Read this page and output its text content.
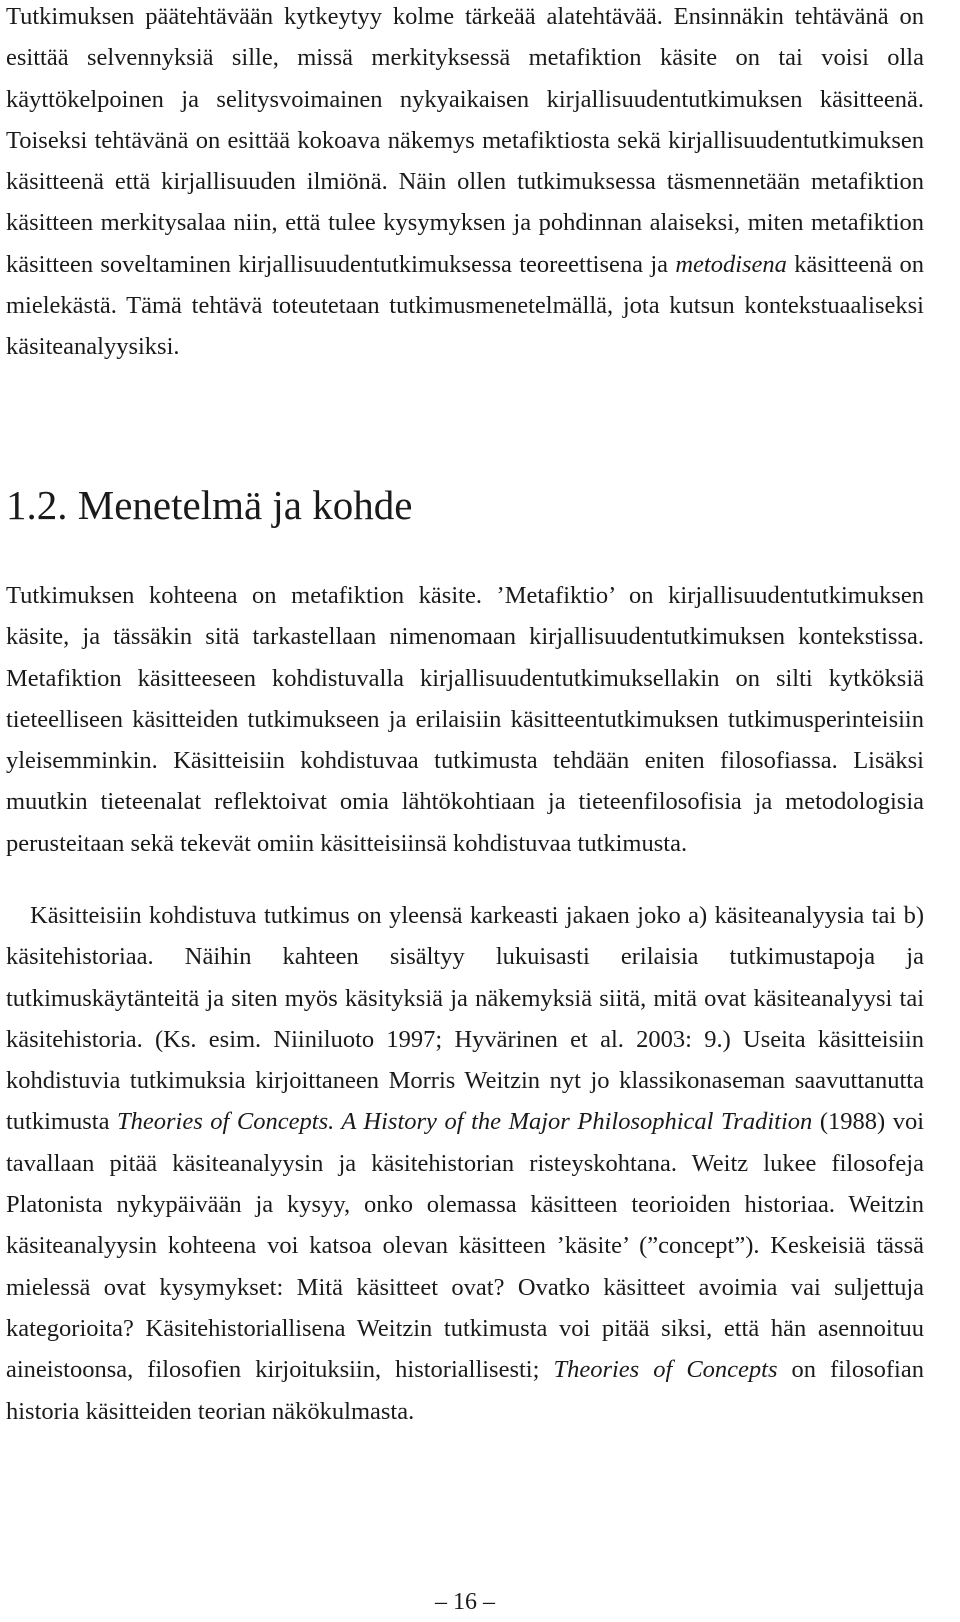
Tutkimuksen päätehtävään kytkeytyy kolme tärkeää alatehtävää. Ensinnäkin tehtävänä on esittää selvennyksiä sille, missä merkityksessä metafiktion käsite on tai voisi olla käyttökelpoinen ja selitysvoimainen nykyaikaisen kirjallisuudentutkimuksen käsitteenä. Toiseksi tehtävänä on esittää kokoava näkemys metafiktiosta sekä kirjallisuudentutkimuksen käsitteenä että kirjallisuuden ilmiönä. Näin ollen tutkimuksessa täsmennetään metafiktion käsitteen merkitysalaa niin, että tulee kysymyksen ja pohdinnan alaiseksi, miten metafiktion käsitteen soveltaminen kirjallisuudentutkimuksessa teoreettisena ja metodisena käsitteenä on mielekästä. Tämä tehtävä toteutetaan tutkimusmenetelmällä, jota kutsun kontekstuaaliseksi käsiteanalyysiksi.

1.2. Menetelmä ja kohde

Tutkimuksen kohteena on metafiktion käsite. ’Metafiktio’ on kirjallisuudentutkimuksen käsite, ja tässäkin sitä tarkastellaan nimenomaan kirjallisuudentutkimuksen kontekstissa. Metafiktion käsitteeseen kohdistuvalla kirjallisuudentutkimuksellakin on silti kytköksiä tieteelliseen käsitteiden tutkimukseen ja erilaisiin käsitteentutkimuksen tutkimusperinteisiin yleisemminkin. Käsitteisiin kohdistuvaa tutkimusta tehdään eniten filosofiassa. Lisäksi muutkin tieteenalat reflektoivat omia lähtökohtiaan ja tieteenfilosofisia ja metodologisia perusteitaan sekä tekevät omiin käsitteisiinsä kohdistuvaa tutkimusta.

Käsitteisiin kohdistuva tutkimus on yleensä karkeasti jakaen joko a) käsiteanalyysia tai b) käsitehistoriaa. Näihin kahteen sisältyy lukuisasti erilaisia tutkimustapoja ja tutkimuskäytänteitä ja siten myös käsityksiä ja näkemyksiä siitä, mitä ovat käsiteanalyysi tai käsitehistoria. (Ks. esim. Niiniluoto 1997; Hyvärinen et al. 2003: 9.) Useita käsitteisiin kohdistuvia tutkimuksia kirjoittaneen Morris Weitzin nyt jo klassikonaseman saavuttanutta tutkimusta Theories of Concepts. A History of the Major Philosophical Tradition (1988) voi tavallaan pitää käsiteanalyysin ja käsitehistorian risteyskohtana. Weitz lukee filosofeja Platonista nykypäivään ja kysyy, onko olemassa käsitteen teorioiden historiaa. Weitzin käsiteanalyysin kohteena voi katsoa olevan käsitteen ’käsite’ (”concept”). Keskeisiä tässä mielessä ovat kysymykset: Mitä käsitteet ovat? Ovatko käsitteet avoimia vai suljettuja kategorioita? Käsitehistoriallisena Weitzin tutkimusta voi pitää siksi, että hän asennoituu aineistoonsa, filosofien kirjoituksiin, historiallisesti; Theories of Concepts on filosofian historia käsitteiden teorian näkökulmasta.

– 16 –
